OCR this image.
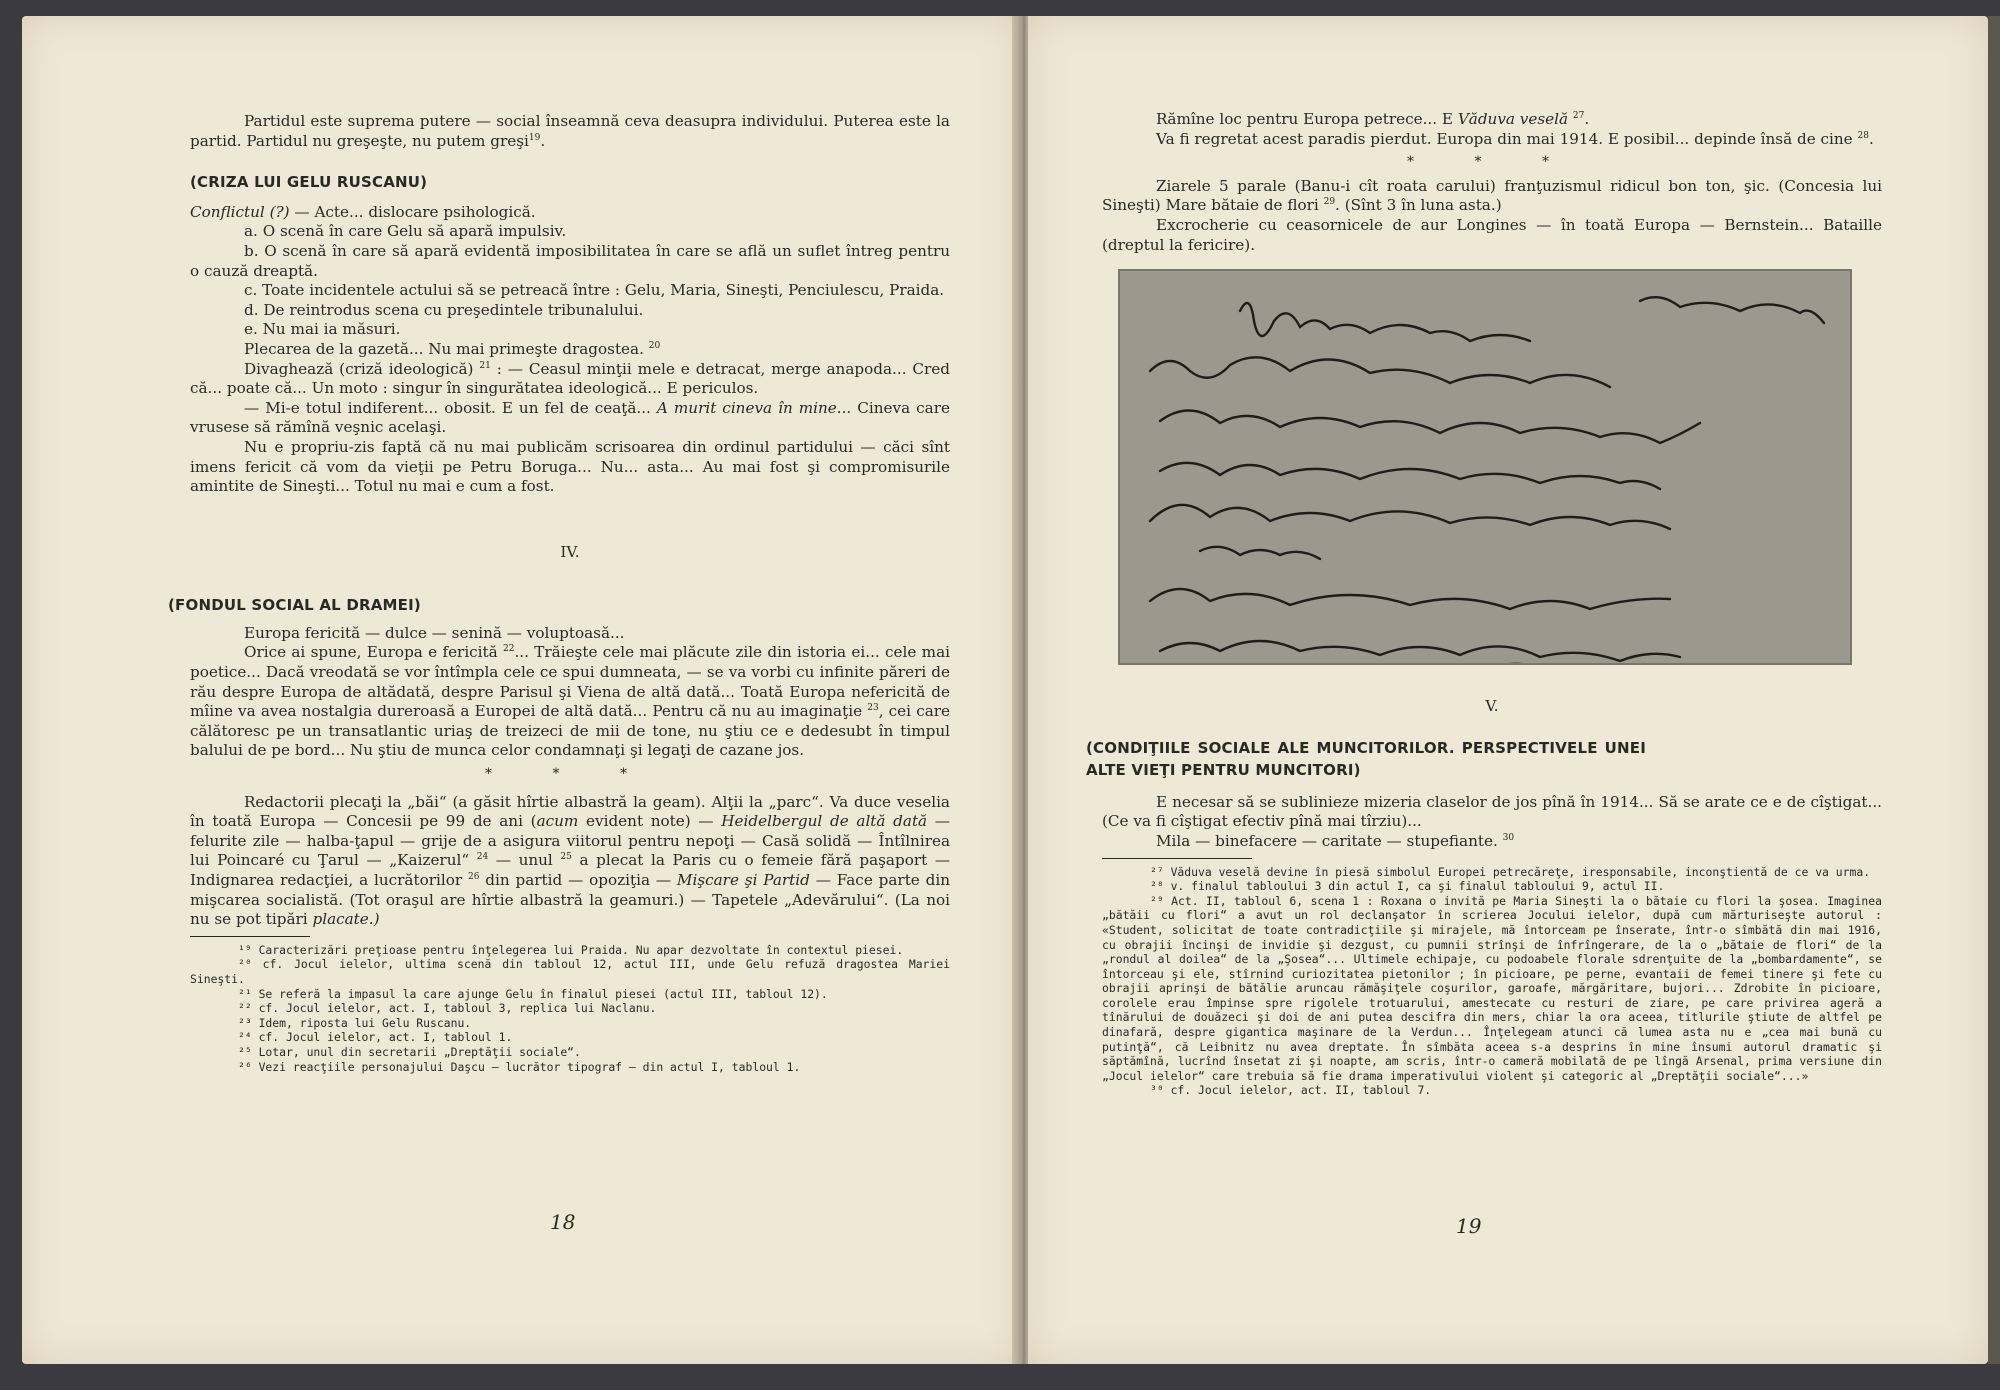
Partidul este suprema putere — social înseamnă ceva deasupra individului. Puterea este la partid. Partidul nu greşeşte, nu putem greşi$^{19}$.

(CRIZA LUI GELU RUSCANU)

Conflictul (?) — Acte... dislocare psihologică.

a. O scenă în care Gelu să apară impulsiv.

b. O scenă în care să apară evidentă imposibilitatea în care se află un suflet întreg pentru o cauză dreaptă.

c. Toate incidentele actului să se petreacă între : Gelu, Maria, Sineşti, Penciulescu, Praida.

d. De reintrodus scena cu preşedintele tribunalului.

e. Nu mai ia măsuri.

Plecarea de la gazetă... Nu mai primeşte dragostea. $^{20}$

Divaghează (criză ideologică) $^{21}$ : — Ceasul minţii mele e detracat, merge anapoda... Cred că... poate că... Un moto : singur în singurătatea ideologică... E periculos.

— Mi-e totul indiferent... obosit. E un fel de ceaţă... A murit cineva în mine... Cineva care vrusese să rămînă veşnic acelaşi.

Nu e propriu-zis faptă că nu mai publicăm scrisoarea din ordinul partidului — căci sînt imens fericit că vom da vieţii pe Petru Boruga... Nu... asta... Au mai fost şi compromisurile amintite de Sineşti... Totul nu mai e cum a fost.

IV.

(FONDUL SOCIAL AL DRAMEI)

Europa fericită — dulce — senină — voluptoasă...

Orice ai spune, Europa e fericită $^{22}$... Trăieşte cele mai plăcute zile din istoria ei... cele mai poetice... Dacă vreodată se vor întîmpla cele ce spui dumneata, — se va vorbi cu infinite păreri de rău despre Europa de altădată, despre Parisul şi Viena de altă dată... Toată Europa nefericită de mîine va avea nostalgia dureroasă a Europei de altă dată... Pentru că nu au imaginaţie $^{23}$, cei care călătoresc pe un transatlantic uriaş de treizeci de mii de tone, nu ştiu ce e dedesubt în timpul balului de pe bord... Nu ştiu de munca celor condamnaţi şi legaţi de cazane jos.

* * *

Redactorii plecaţi la „băi“ (a găsit hîrtie albastră la geam). Alţii la „parc“. Va duce veselia în toată Europa — Concesii pe 99 de ani (acum evident note) — Heidelbergul de altă dată — felurite zile — halba-ţapul — grije de a asigura viitorul pentru nepoţi — Casă solidă — Întîlnirea lui Poincaré cu Ţarul — „Kaizerul“ $^{24}$ — unul $^{25}$ a plecat la Paris cu o femeie fără paşaport — Indignarea redacţiei, a lucrătorilor $^{26}$ din partid — opoziţia — Mişcare şi Partid — Face parte din mişcarea socialistă. (Tot oraşul are hîrtie albastră la geamuri.) — Tapetele „Adevărului“. (La noi nu se pot tipări placate.)

¹⁹ Caracterizări preţioase pentru înţelegerea lui Praida. Nu apar dezvoltate în contextul piesei.

²⁰ cf. Jocul ielelor, ultima scenă din tabloul 12, actul III, unde Gelu refuză dragostea Mariei Sineşti.

²¹ Se referă la impasul la care ajunge Gelu în finalul piesei (actul III, tabloul 12).

²² cf. Jocul ielelor, act. I, tabloul 3, replica lui Naclanu.

²³ Idem, riposta lui Gelu Ruscanu.

²⁴ cf. Jocul ielelor, act. I, tabloul 1.

²⁵ Lotar, unul din secretarii „Dreptăţii sociale“.

²⁶ Vezi reacţiile personajului Daşcu — lucrător tipograf — din actul I, tabloul 1.

18

Rămîne loc pentru Europa petrece... E Văduva veselă $^{27}$.

Va fi regretat acest paradis pierdut. Europa din mai 1914. E posibil... depinde însă de cine $^{28}$.

* * *

Ziarele 5 parale (Banu-i cît roata carului) franţuzismul ridicul bon ton, şic. (Concesia lui Sineşti) Mare bătaie de flori $^{29}$. (Sînt 3 în luna asta.)

Excrocherie cu ceasornicele de aur Longines — în toată Europa — Bernstein... Bataille (dreptul la fericire).

V.

(CONDIŢIILE SOCIALE ALE MUNCITORILOR. PERSPECTIVELE UNEI ALTE VIEŢI PENTRU MUNCITORI)

E necesar să se sublinieze mizeria claselor de jos pînă în 1914... Să se arate ce e de cîştigat... (Ce va fi cîştigat efectiv pînă mai tîrziu)...

Mila — binefacere — caritate — stupefiante. $^{30}$

²⁷ Văduva veselă devine în piesă simbolul Europei petrecăreţe, iresponsabile, inconştientă de ce va urma.

²⁸ v. finalul tabloului 3 din actul I, ca şi finalul tabloului 9, actul II.

²⁹ Act. II, tabloul 6, scena 1 : Roxana o invită pe Maria Sineşti la o bătaie cu flori la şosea. Imaginea „bătăii cu flori“ a avut un rol declanşator în scrierea Jocului ielelor, după cum mărturiseşte autorul : «Student, solicitat de toate contradicţiile şi mirajele, mă întorceam pe înserate, într-o sîmbătă din mai 1916, cu obrajii încinşi de invidie şi dezgust, cu pumnii strînşi de înfrîngerare, de la o „bătaie de flori“ de la „rondul al doilea“ de la „Şosea“... Ultimele echipaje, cu podoabele florale sdrenţuite de la „bombardamente“, se întorceau şi ele, stîrnind curiozitatea pietonilor ; în picioare, pe perne, evantaii de femei tinere şi fete cu obrajii aprinşi de bătălie aruncau rămăşiţele coşurilor, garoafe, mărgăritare, bujori... Zdrobite în picioare, corolele erau împinse spre rigolele trotuarului, amestecate cu resturi de ziare, pe care privirea ageră a tînărului de douăzeci şi doi de ani putea descifra din mers, chiar la ora aceea, titlurile ştiute de altfel pe dinafară, despre gigantica maşinare de la Verdun... Înţelegeam atunci că lumea asta nu e „cea mai bună cu putinţă“, că Leibnitz nu avea dreptate. În sîmbăta aceea s-a desprins în mine însumi autorul dramatic şi săptămînă, lucrînd însetat zi şi noapte, am scris, într-o cameră mobilată de pe lîngă Arsenal, prima versiune din „Jocul ielelor“ care trebuia să fie drama imperativului violent şi categoric al „Dreptăţii sociale“...»

³⁰ cf. Jocul ielelor, act. II, tabloul 7.

19
